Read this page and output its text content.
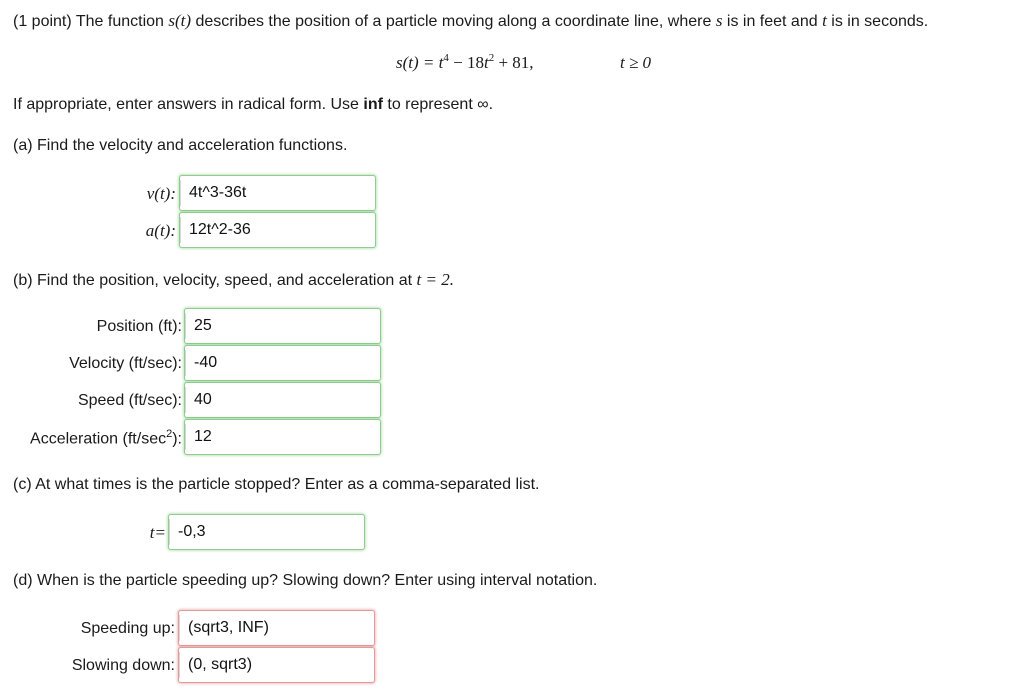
(1 point) The function s(t) describes the position of a particle moving along a coordinate line, where s is in feet and t is in seconds.
$s(t) = t^4 - 18t^2 + 81$,	t ≥ 0
If appropriate, enter answers in radical form. Use inf to represent ∞.
(a) Find the velocity and acceleration functions.
v(t): 4t^3-36t
a(t): 12t^2-36
(b) Find the position, velocity, speed, and acceleration at t = 2.
Position (ft): 25
Velocity (ft/sec): -40
Speed (ft/sec): 40
Acceleration $(ft/\sec^2)$: 12
(c) At what times is the particle stopped? Enter as a comma-separated list.
t= -0,3
(d) When is the particle speeding up? Slowing down? Enter using interval notation.
Speeding up: (sqrt3, INF)
Slowing down: (0, sqrt3)
